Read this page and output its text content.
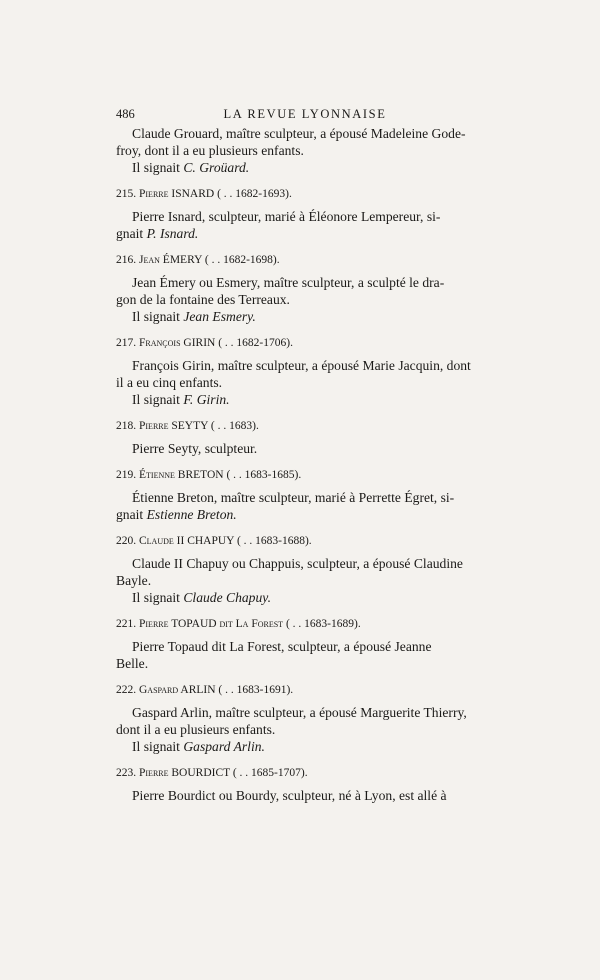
486	LA REVUE LYONNAISE

Claude Grouard, maître sculpteur, a épousé Madeleine Gode-
froy, dont il a eu plusieurs enfants.

Il signait C. Groüard.

215. Pierre ISNARD ( . . 1682-1693).

Pierre Isnard, sculpteur, marié à Éléonore Lempereur, si-
gnait P. Isnard.

216. Jean ÉMERY ( . . 1682-1698).

Jean Émery ou Esmery, maître sculpteur, a sculpté le dra-
gon de la fontaine des Terreaux.

Il signait Jean Esmery.

217. François GIRIN ( . . 1682-1706).

François Girin, maître sculpteur, a épousé Marie Jacquin, dont
il a eu cinq enfants.

Il signait F. Girin.

218. Pierre SEYTY ( . . 1683).

Pierre Seyty, sculpteur.

219. Étienne BRETON ( . . 1683-1685).

Étienne Breton, maître sculpteur, marié à Perrette Égret, si-
gnait Estienne Breton.

220. Claude II CHAPUY ( . . 1683-1688).

Claude II Chapuy ou Chappuis, sculpteur, a épousé Claudine
Bayle.

Il signait Claude Chapuy.

221. Pierre TOPAUD dit La Forest ( . . 1683-1689).

Pierre Topaud dit La Forest, sculpteur, a épousé Jeanne
Belle.

222. Gaspard ARLIN ( . . 1683-1691).

Gaspard Arlin, maître sculpteur, a épousé Marguerite Thierry,
dont il a eu plusieurs enfants.

Il signait Gaspard Arlin.

223. Pierre BOURDICT ( . . 1685-1707).

Pierre Bourdict ou Bourdy, sculpteur, né à Lyon, est allé à
